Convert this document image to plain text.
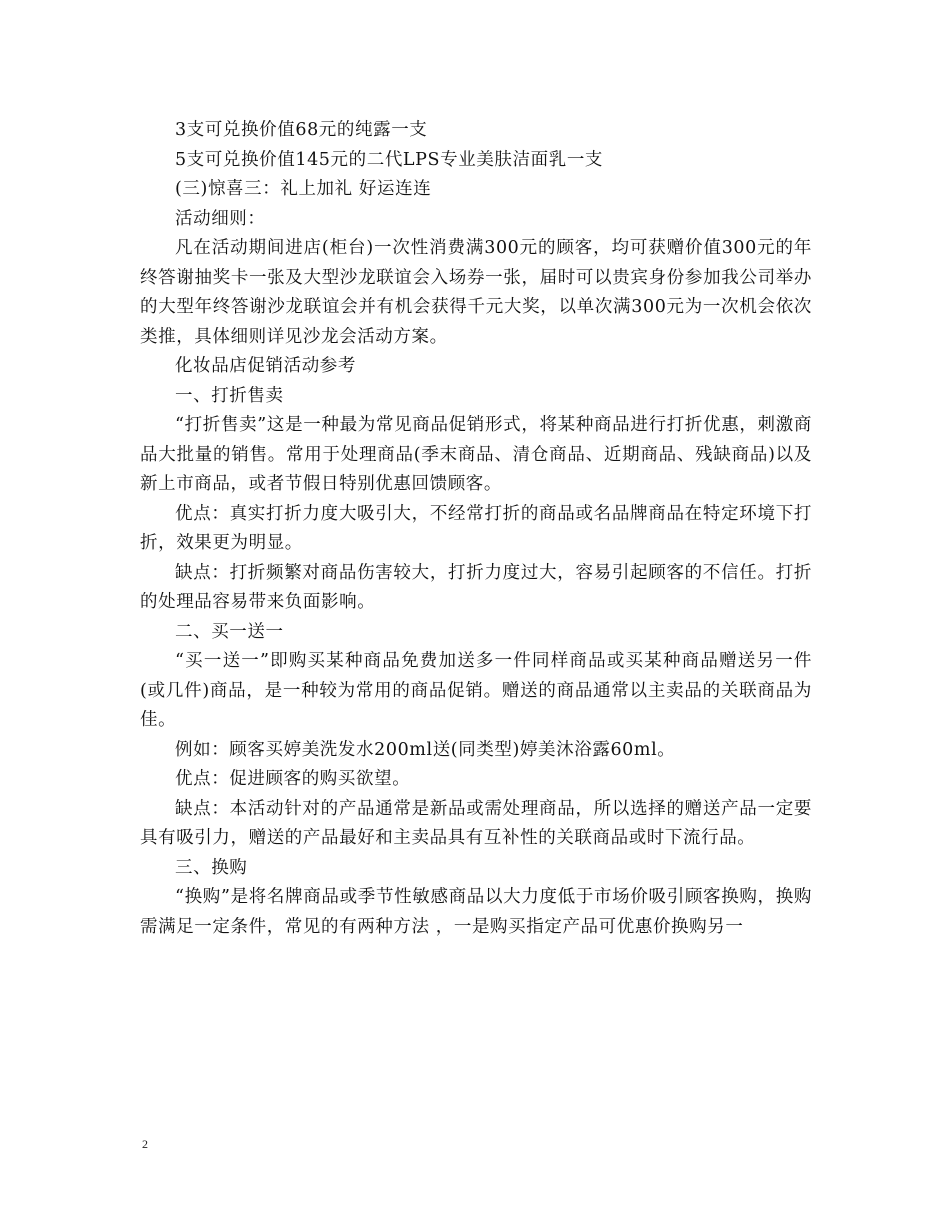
3支可兑换价值68元的纯露一支

5支可兑换价值145元的二代LPS专业美肤洁面乳一支

(三)惊喜三：礼上加礼 好运连连

活动细则：

凡在活动期间进店(柜台)一次性消费满300元的顾客，均可获赠价值300元的年终答谢抽奖卡一张及大型沙龙联谊会入场券一张，届时可以贵宾身份参加我公司举办的大型年终答谢沙龙联谊会并有机会获得千元大奖，以单次满300元为一次机会依次类推，具体细则详见沙龙会活动方案。

化妆品店促销活动参考

一、打折售卖

“打折售卖”这是一种最为常见商品促销形式，将某种商品进行打折优惠，刺激商品大批量的销售。常用于处理商品(季末商品、清仓商品、近期商品、残缺商品)以及新上市商品，或者节假日特别优惠回馈顾客。

优点：真实打折力度大吸引大，不经常打折的商品或名品牌商品在特定环境下打折，效果更为明显。

缺点：打折频繁对商品伤害较大，打折力度过大，容易引起顾客的不信任。打折的处理品容易带来负面影响。

二、买一送一

“买一送一”即购买某种商品免费加送多一件同样商品或买某种商品赠送另一件(或几件)商品，是一种较为常用的商品促销。赠送的商品通常以主卖品的关联商品为佳。

例如：顾客买婷美洗发水200ml送(同类型)婷美沐浴露60ml。

优点：促进顾客的购买欲望。

缺点：本活动针对的产品通常是新品或需处理商品，所以选择的赠送产品一定要具有吸引力，赠送的产品最好和主卖品具有互补性的关联商品或时下流行品。

三、换购

“换购”是将名牌商品或季节性敏感商品以大力度低于市场价吸引顾客换购，换购需满足一定条件，常见的有两种方法 ，一是购买指定产品可优惠价换购另一

2
